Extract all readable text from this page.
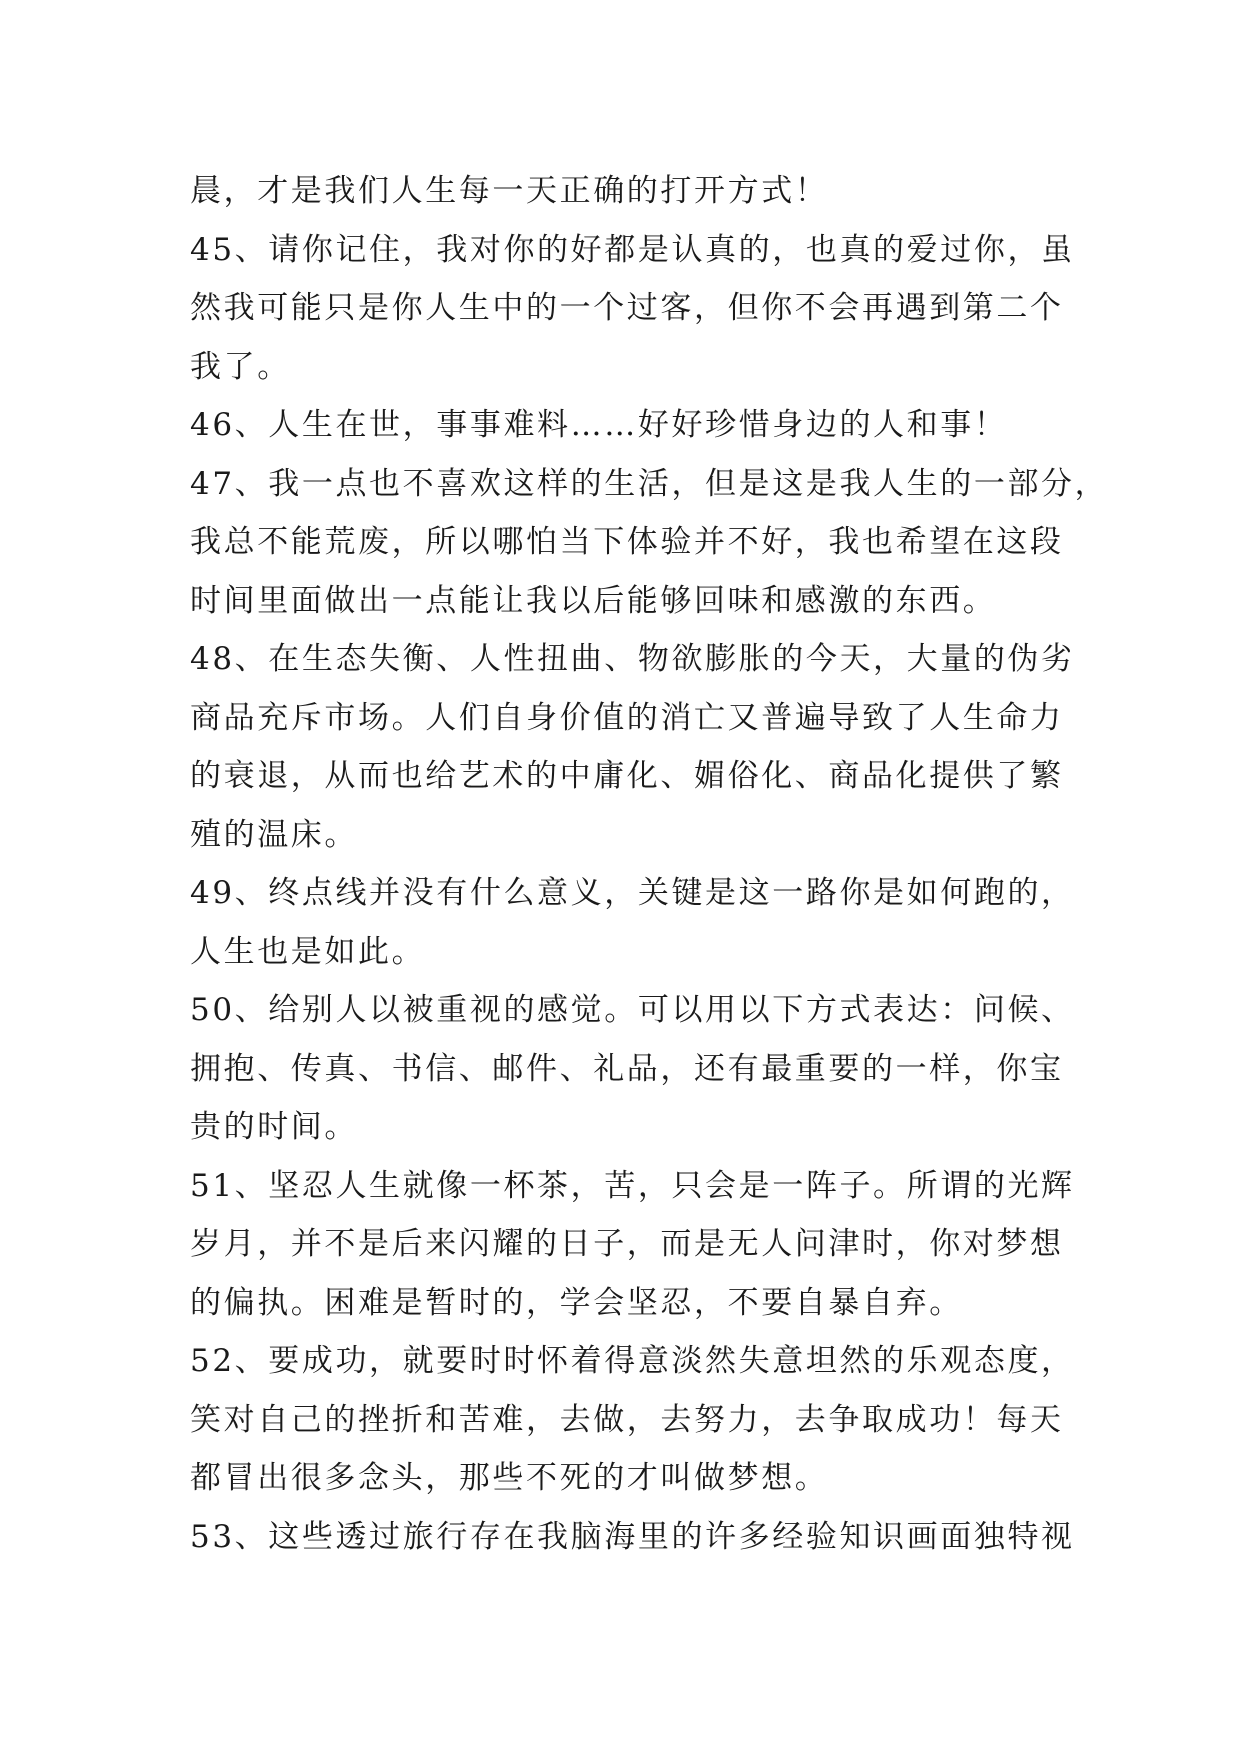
晨，才是我们人生每一天正确的打开方式！
45、请你记住，我对你的好都是认真的，也真的爱过你，虽
然我可能只是你人生中的一个过客，但你不会再遇到第二个
我了。
46、人生在世，事事难料……好好珍惜身边的人和事！
47、我一点也不喜欢这样的生活，但是这是我人生的一部分，
我总不能荒废，所以哪怕当下体验并不好，我也希望在这段
时间里面做出一点能让我以后能够回味和感激的东西。
48、在生态失衡、人性扭曲、物欲膨胀的今天，大量的伪劣
商品充斥市场。人们自身价值的消亡又普遍导致了人生命力
的衰退，从而也给艺术的中庸化、媚俗化、商品化提供了繁
殖的温床。
49、终点线并没有什么意义，关键是这一路你是如何跑的，
人生也是如此。
50、给别人以被重视的感觉。可以用以下方式表达：问候、
拥抱、传真、书信、邮件、礼品，还有最重要的一样，你宝
贵的时间。
51、坚忍人生就像一杯茶，苦，只会是一阵子。所谓的光辉
岁月，并不是后来闪耀的日子，而是无人问津时，你对梦想
的偏执。困难是暂时的，学会坚忍，不要自暴自弃。
52、要成功，就要时时怀着得意淡然失意坦然的乐观态度，
笑对自己的挫折和苦难，去做，去努力，去争取成功！每天
都冒出很多念头，那些不死的才叫做梦想。
53、这些透过旅行存在我脑海里的许多经验知识画面独特视
